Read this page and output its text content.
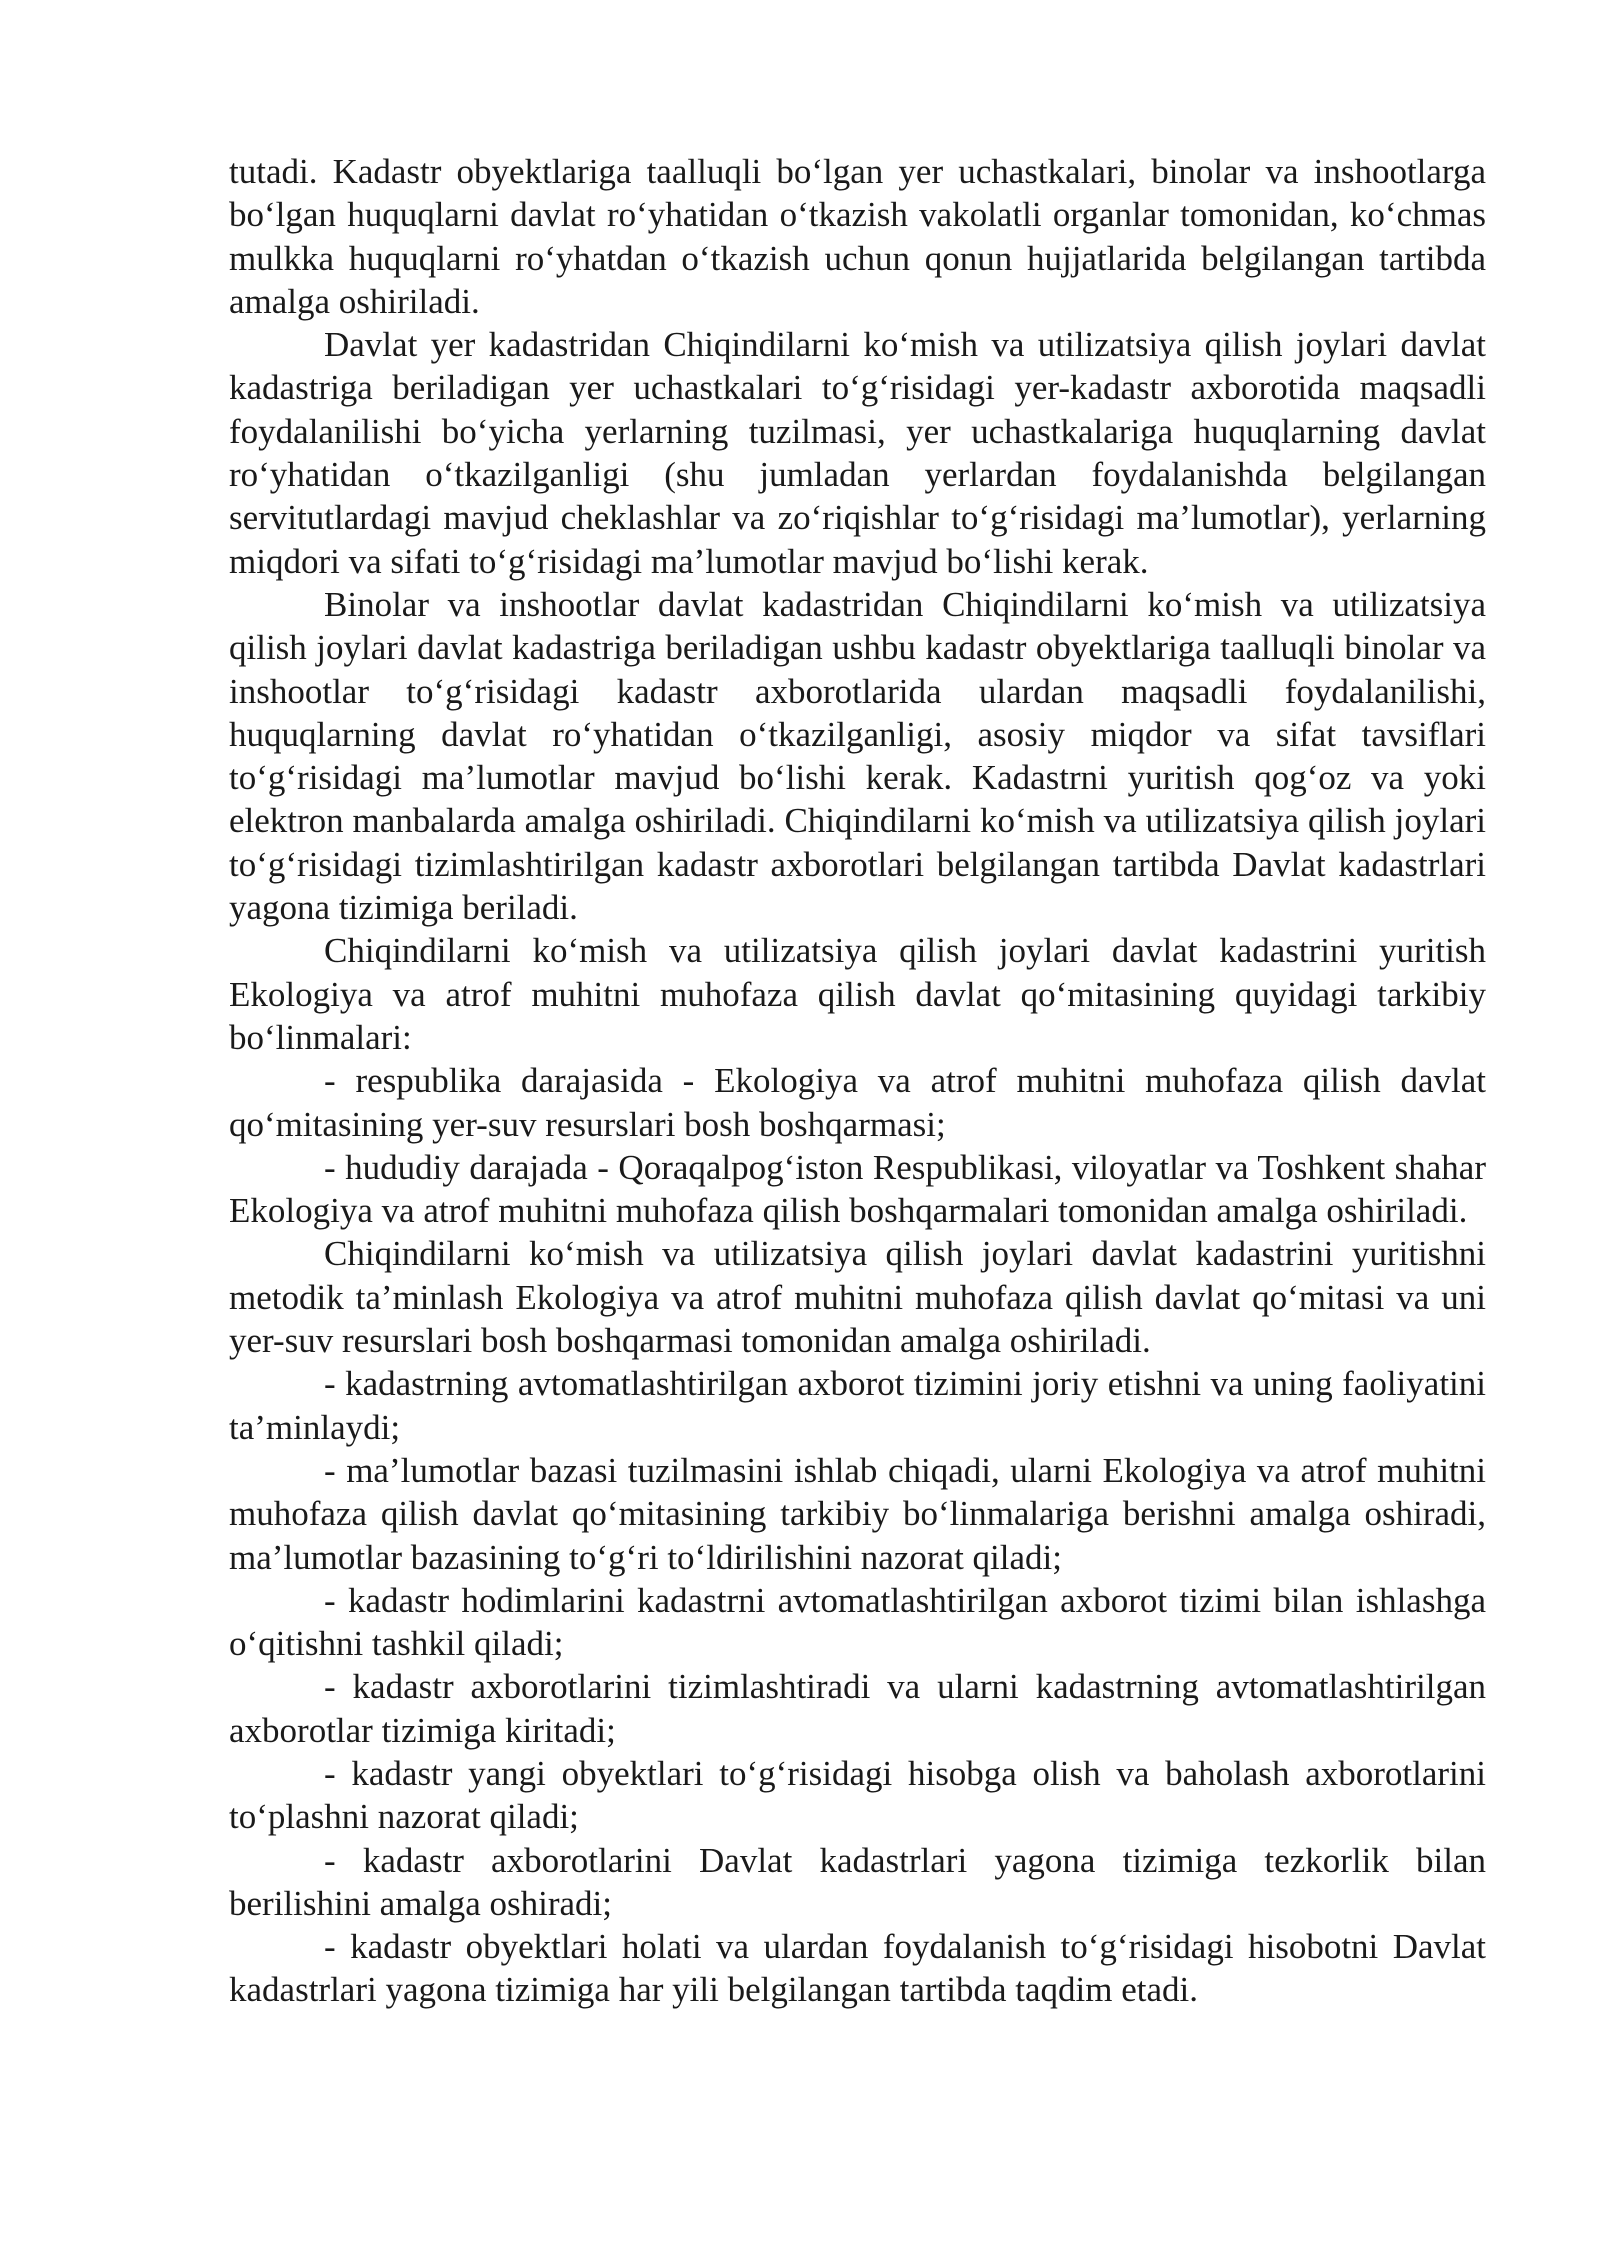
tutadi. Kadastr obyektlariga taalluqli bo‘lgan yer uchastkalari, binolar va inshootlarga bo‘lgan huquqlarni davlat ro‘yhatidan o‘tkazish vakolatli organlar tomonidan, ko‘chmas mulkka huquqlarni ro‘yhatdan o‘tkazish uchun qonun hujjatlarida belgilangan tartibda amalga oshiriladi.

Davlat yer kadastridan Chiqindilarni ko‘mish va utilizatsiya qilish joylari davlat kadastriga beriladigan yer uchastkalari to‘g‘risidagi yer-kadastr axborotida maqsadli foydalanilishi bo‘yicha yerlarning tuzilmasi, yer uchastkalariga huquqlarning davlat ro‘yhatidan o‘tkazilganligi (shu jumladan yerlardan foydalanishda belgilangan servitutlardagi mavjud cheklashlar va zo‘riqishlar to‘g‘risidagi ma’lumotlar), yerlarning miqdori va sifati to‘g‘risidagi ma’lumotlar mavjud bo‘lishi kerak.

Binolar va inshootlar davlat kadastridan Chiqindilarni ko‘mish va utilizatsiya qilish joylari davlat kadastriga beriladigan ushbu kadastr obyektlariga taalluqli binolar va inshootlar to‘g‘risidagi kadastr axborotlarida ulardan maqsadli foydalanilishi, huquqlarning davlat ro‘yhatidan o‘tkazilganligi, asosiy miqdor va sifat tavsiflari to‘g‘risidagi ma’lumotlar mavjud bo‘lishi kerak. Kadastrni yuritish qog‘oz va yoki elektron manbalarda amalga oshiriladi. Chiqindilarni ko‘mish va utilizatsiya qilish joylari to‘g‘risidagi tizimlashtirilgan kadastr axborotlari belgilangan tartibda Davlat kadastrlari yagona tizimiga beriladi.

Chiqindilarni ko‘mish va utilizatsiya qilish joylari davlat kadastrini yuritish Ekologiya va atrof muhitni muhofaza qilish davlat qo‘mitasining quyidagi tarkibiy bo‘linmalari:

- respublika darajasida - Ekologiya va atrof muhitni muhofaza qilish davlat qo‘mitasining yer-suv resurslari bosh boshqarmasi;

- hududiy darajada - Qoraqalpog‘iston Respublikasi, viloyatlar va Toshkent shahar Ekologiya va atrof muhitni muhofaza qilish boshqarmalari tomonidan amalga oshiriladi.

Chiqindilarni ko‘mish va utilizatsiya qilish joylari davlat kadastrini yuritishni metodik ta’minlash Ekologiya va atrof muhitni muhofaza qilish davlat qo‘mitasi va uni yer-suv resurslari bosh boshqarmasi tomonidan amalga oshiriladi.

- kadastrning avtomatlashtirilgan axborot tizimini joriy etishni va uning faoliyatini ta’minlaydi;

- ma’lumotlar bazasi tuzilmasini ishlab chiqadi, ularni Ekologiya va atrof muhitni muhofaza qilish davlat qo‘mitasining tarkibiy bo‘linmalariga berishni amalga oshiradi, ma’lumotlar bazasining to‘g‘ri to‘ldirilishini nazorat qiladi;

- kadastr hodimlarini kadastrni avtomatlashtirilgan axborot tizimi bilan ishlashga o‘qitishni tashkil qiladi;

- kadastr axborotlarini tizimlashtiradi va ularni kadastrning avtomatlashtirilgan axborotlar tizimiga kiritadi;

- kadastr yangi obyektlari to‘g‘risidagi hisobga olish va baholash axborotlarini to‘plashni nazorat qiladi;

- kadastr axborotlarini Davlat kadastrlari yagona tizimiga tezkorlik bilan berilishini amalga oshiradi;

- kadastr obyektlari holati va ulardan foydalanish to‘g‘risidagi hisobotni Davlat kadastrlari yagona tizimiga har yili belgilangan tartibda taqdim etadi.
